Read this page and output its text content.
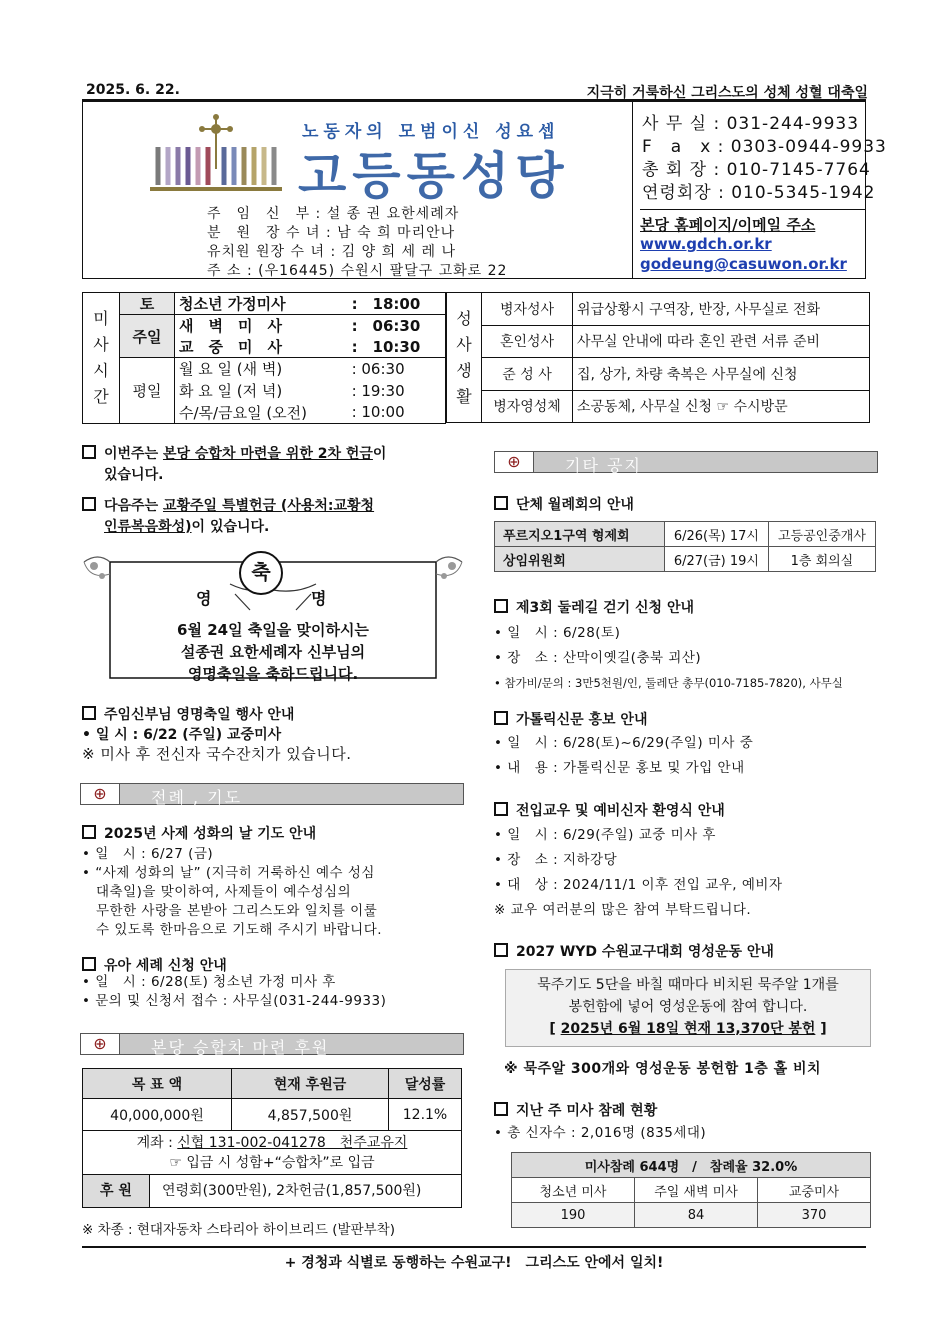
2025. 6. 22.	지극히 거룩하신 그리스도의 성체 성혈 대축일
노동자의 모범이신 성요셉
고등동성당
주　임　신　부 : 설 종 권 요한세례자
분　원　장 수 녀 : 남 숙 희 마리안나
유치원 원장 수 녀 : 김 양 희 세 레 나
주 소 : (우16445) 수원시 팔달구 고화로 22
사 무 실 : 031-244-9933
F　a　x : 0303-0944-9933
총 회 장 : 010-7145-7764
연령회장 : 010-5345-1942
본당 홈페이지/이메일 주소
www.gdch.or.kr
godeung@casuwon.or.kr
미
사
시
간	토	청소년 가정미사	:　18:00
	주일	새　벽　미　사	:　06:30
		교　중　미　사	:　10:30
	평일	월 요 일 (새 벽)	: 06:30
		화 요 일 (저 녁)	: 19:30
		수/목/금요일 (오전)	: 10:00
성
사
생
활	병자성사	위급상황시 구역장, 반장, 사무실로 전화
	혼인성사	사무실 안내에 따라 혼인 관련 서류 준비
	준 성 사	집, 상가, 차량 축복은 사무실에 신청
	병자영성체	소공동체, 사무실 신청 ☞ 수시방문
이번주는 본당 승합차 마련을 위한 2차 헌금이
있습니다.
다음주는 교황주일 특별헌금 (사용처:교황청
인류복음화성)이 있습니다.
축
영	명
6월 24일 축일을 맞이하시는
설종권 요한세례자 신부님의
영명축일을 축하드립니다.
주임신부님 영명축일 행사 안내
• 일 시 : 6/22 (주일) 교중미사
※ 미사 후 전신자 국수잔치가 있습니다.
⊕	전례 , 기도
2025년 사제 성화의 날 기도 안내
• 일　시 : 6/27 (금)
• “사제 성화의 날” (지극히 거룩하신 예수 성심
대축일)을 맞이하여, 사제들이 예수성심의
무한한 사랑을 본받아 그리스도와 일치를 이룰
수 있도록 한마음으로 기도해 주시기 바랍니다.
유아 세례 신청 안내
• 일　시 : 6/28(토) 청소년 가정 미사 후
• 문의 및 신청서 접수 : 사무실(031-244-9933)
⊕	본당 승합차 마련 후원
목 표 액	현재 후원금	달성률
40,000,000원	4,857,500원	12.1%

계좌 : 신협 131-002-041278　천주교유지
☞ 입금 시 성함+“승합차”로 입금		

후 원 연령회(300만원), 2차헌금(1,857,500원)		
※ 차종 : 현대자동차 스타리아 하이브리드 (발판부착)
⊕	기타 공지
단체 월례회의 안내
푸르지오1구역 형제회	6/26(목) 17시	고등공인중개사
상임위원회	6/27(금) 19시	1층 회의실
제3회 둘레길 걷기 신청 안내
• 일　시 : 6/28(토)
• 장　소 : 산막이옛길(충북 괴산)
• 참가비/문의 : 3만5천원/인, 둘레단 총무(010-7185-7820), 사무실
가톨릭신문 홍보 안내
• 일　시 : 6/28(토)~6/29(주일) 미사 중
• 내　용 : 가톨릭신문 홍보 및 가입 안내
전입교우 및 예비신자 환영식 안내
• 일　시 : 6/29(주일) 교중 미사 후
• 장　소 : 지하강당
• 대　상 : 2024/11/1 이후 전입 교우, 예비자
※ 교우 여러분의 많은 참여 부탁드립니다.
2027 WYD 수원교구대회 영성운동 안내
묵주기도 5단을 바칠 때마다 비치된 묵주알 1개를
봉헌함에 넣어 영성운동에 참여 합니다.
[ 2025년 6월 18일 현재 13,370단 봉헌 ]
※ 묵주알 300개와 영성운동 봉헌함 1층 홀 비치
지난 주 미사 참례 현황
• 총 신자수 : 2,016명 (835세대)
미사참례 644명　/　참례율 32.0%		
청소년 미사	주일 새벽 미사	교중미사
190	84	370
+ 경청과 식별로 동행하는 수원교구!　그리스도 안에서 일치!
